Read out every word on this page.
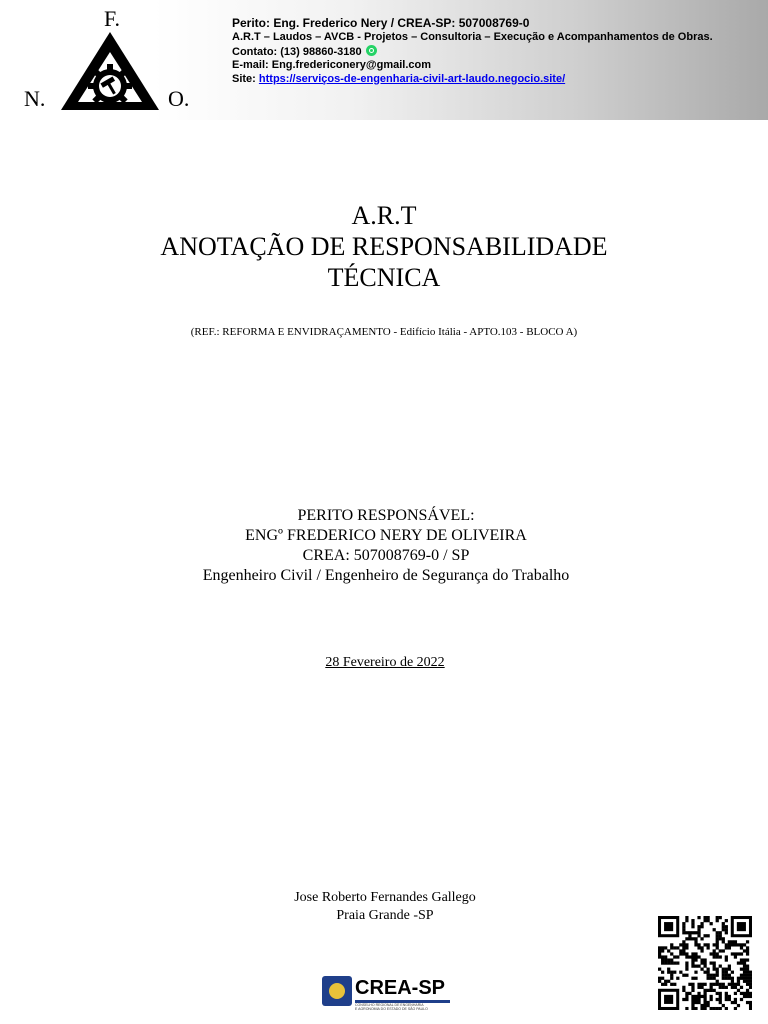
F.
N.	O.
Perito: Eng. Frederico Nery / CREA-SP: 507008769-0
A.R.T – Laudos – AVCB - Projetos – Consultoria – Execução e Acompanhamentos de Obras.
Contato: (13) 98860-3180
E-mail: Eng.fredericonery@gmail.com
Site: https://serviços-de-engenharia-civil-art-laudo.negocio.site/
A.R.T
ANOTAÇÃO DE RESPONSABILIDADE
TÉCNICA
(REF.: REFORMA E ENVIDRAÇAMENTO - Edifício Itália - APTO.103 - BLOCO A)
PERITO RESPONSÁVEL:
ENGº FREDERICO NERY DE OLIVEIRA
CREA: 507008769-0 / SP
Engenheiro Civil / Engenheiro de Segurança do Trabalho
28 Fevereiro de 2022
Jose Roberto Fernandes Gallego
Praia Grande -SP
CREA-SP
CONSELHO REGIONAL DE ENGENHARIA
E AGRONOMIA DO ESTADO DE SÃO PAULO
